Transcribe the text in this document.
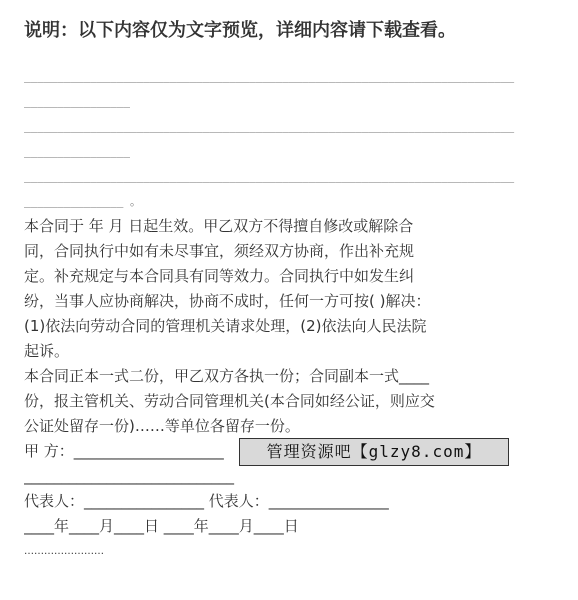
说明：以下内容仅为文字预览，详细内容请下载查看。
__________________________________________________________________________
________________
__________________________________________________________________________
________________
__________________________________________________________________________
_______________ 。
本合同于 年 月 日起生效。甲乙双方不得擅自修改或解除合
同，合同执行中如有未尽事宜，须经双方协商，作出补充规
定。补充规定与本合同具有同等效力。合同执行中如发生纠
纷，当事人应协商解决，协商不成时，任何一方可按( )解决：
(1)依法向劳动合同的管理机关请求处理，(2)依法向人民法院
起诉。
本合同正本一式二份，甲乙双方各执一份；合同副本一式____
份，报主管机关、劳动合同管理机关(本合同如经公证，则应交
公证处留存一份)……等单位各留存一份。
甲 方：____________________
____________________________
代表人：________________ 代表人：________________
____年____月____日 ____年____月____日
……………………
管理资源吧【glzy8.com】
